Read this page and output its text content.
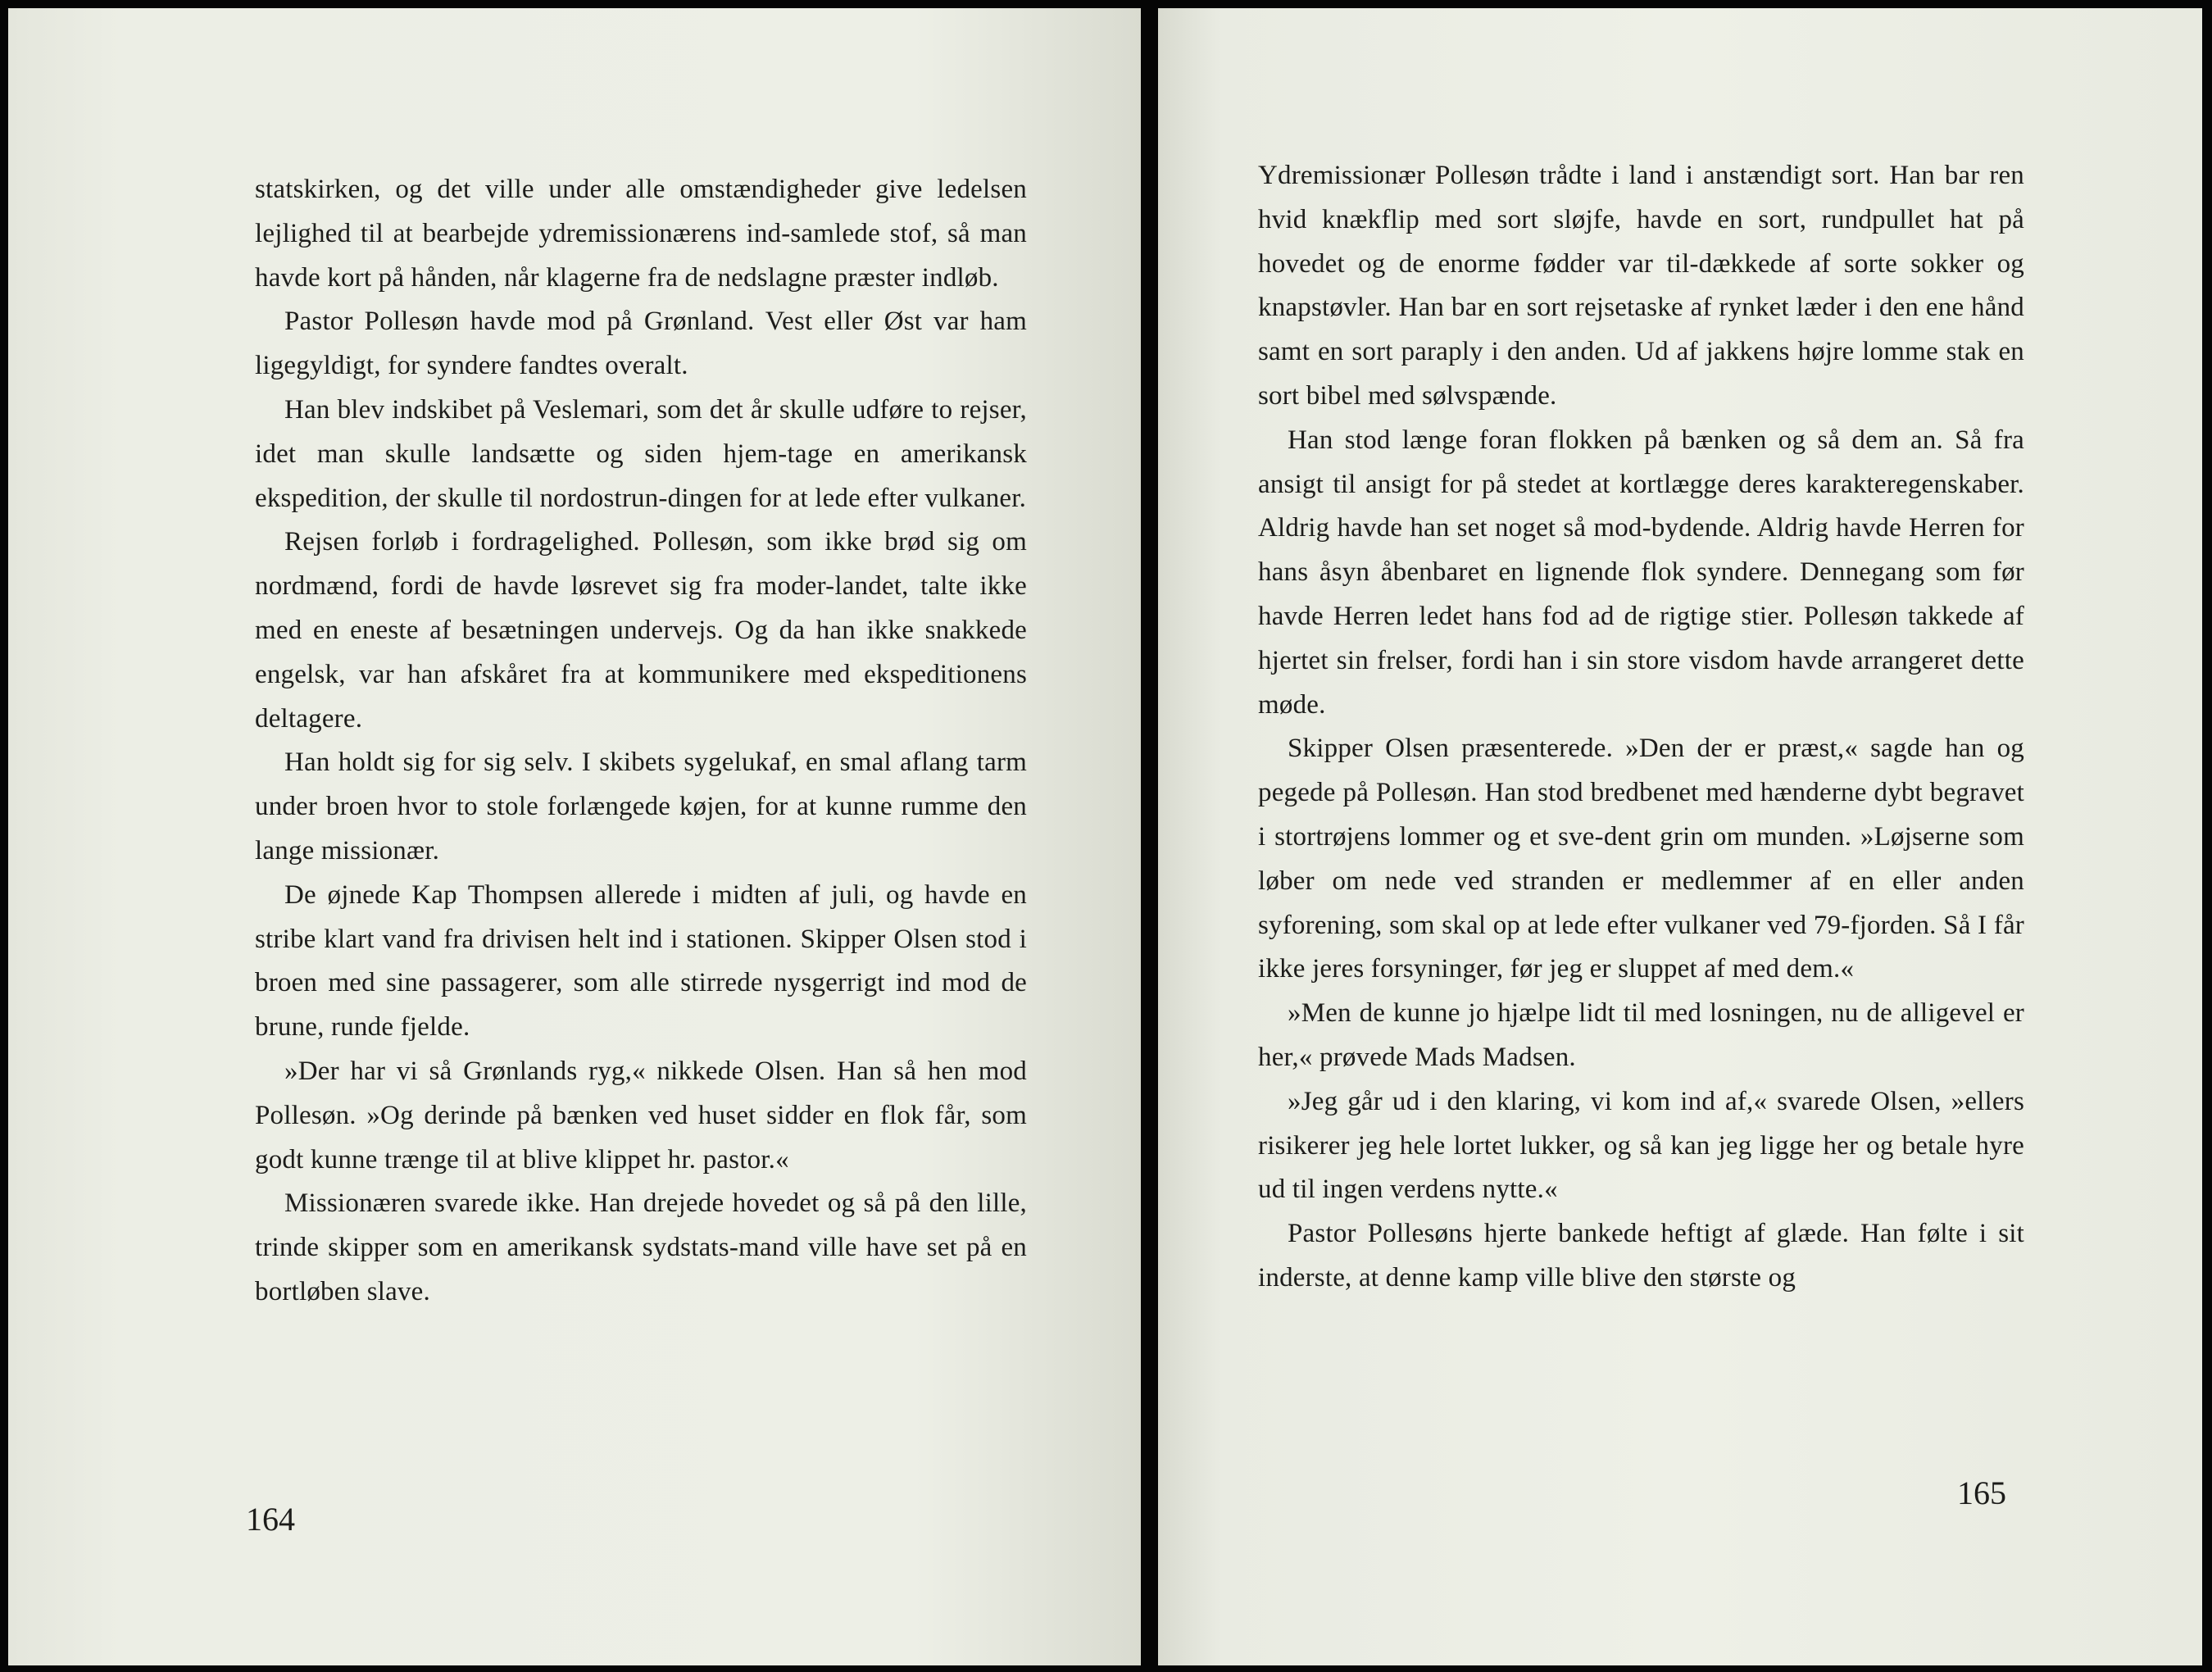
statskirken, og det ville under alle omstændigheder give ledelsen lejlighed til at bearbejde ydremissionærens ind-samlede stof, så man havde kort på hånden, når klagerne fra de nedslagne præster indløb.

Pastor Pollesøn havde mod på Grønland. Vest eller Øst var ham ligegyldigt, for syndere fandtes overalt.

Han blev indskibet på Veslemari, som det år skulle udføre to rejser, idet man skulle landsætte og siden hjem-tage en amerikansk ekspedition, der skulle til nordostrun-dingen for at lede efter vulkaner.

Rejsen forløb i fordragelighed. Pollesøn, som ikke brød sig om nordmænd, fordi de havde løsrevet sig fra moder-landet, talte ikke med en eneste af besætningen undervejs. Og da han ikke snakkede engelsk, var han afskåret fra at kommunikere med ekspeditionens deltagere.

Han holdt sig for sig selv. I skibets sygelukaf, en smal aflang tarm under broen hvor to stole forlængede køjen, for at kunne rumme den lange missionær.

De øjnede Kap Thompsen allerede i midten af juli, og havde en stribe klart vand fra drivisen helt ind i stationen. Skipper Olsen stod i broen med sine passagerer, som alle stirrede nysgerrigt ind mod de brune, runde fjelde.

»Der har vi så Grønlands ryg,« nikkede Olsen. Han så hen mod Pollesøn. »Og derinde på bænken ved huset sidder en flok får, som godt kunne trænge til at blive klippet hr. pastor.«

Missionæren svarede ikke. Han drejede hovedet og så på den lille, trinde skipper som en amerikansk sydstats-mand ville have set på en bortløben slave.

164

Ydremissionær Pollesøn trådte i land i anstændigt sort. Han bar ren hvid knækflip med sort sløjfe, havde en sort, rundpullet hat på hovedet og de enorme fødder var til-dækkede af sorte sokker og knapstøvler. Han bar en sort rejsetaske af rynket læder i den ene hånd samt en sort paraply i den anden. Ud af jakkens højre lomme stak en sort bibel med sølvspænde.

Han stod længe foran flokken på bænken og så dem an. Så fra ansigt til ansigt for på stedet at kortlægge deres karakteregenskaber. Aldrig havde han set noget så mod-bydende. Aldrig havde Herren for hans åsyn åbenbaret en lignende flok syndere. Dennegang som før havde Herren ledet hans fod ad de rigtige stier. Pollesøn takkede af hjertet sin frelser, fordi han i sin store visdom havde arrangeret dette møde.

Skipper Olsen præsenterede. »Den der er præst,« sagde han og pegede på Pollesøn. Han stod bredbenet med hænderne dybt begravet i stortrøjens lommer og et sve-dent grin om munden. »Løjserne som løber om nede ved stranden er medlemmer af en eller anden syforening, som skal op at lede efter vulkaner ved 79-fjorden. Så I får ikke jeres forsyninger, før jeg er sluppet af med dem.«

»Men de kunne jo hjælpe lidt til med losningen, nu de alligevel er her,« prøvede Mads Madsen.

»Jeg går ud i den klaring, vi kom ind af,« svarede Olsen, »ellers risikerer jeg hele lortet lukker, og så kan jeg ligge her og betale hyre ud til ingen verdens nytte.«

Pastor Pollesøns hjerte bankede heftigt af glæde. Han følte i sit inderste, at denne kamp ville blive den største og

165
